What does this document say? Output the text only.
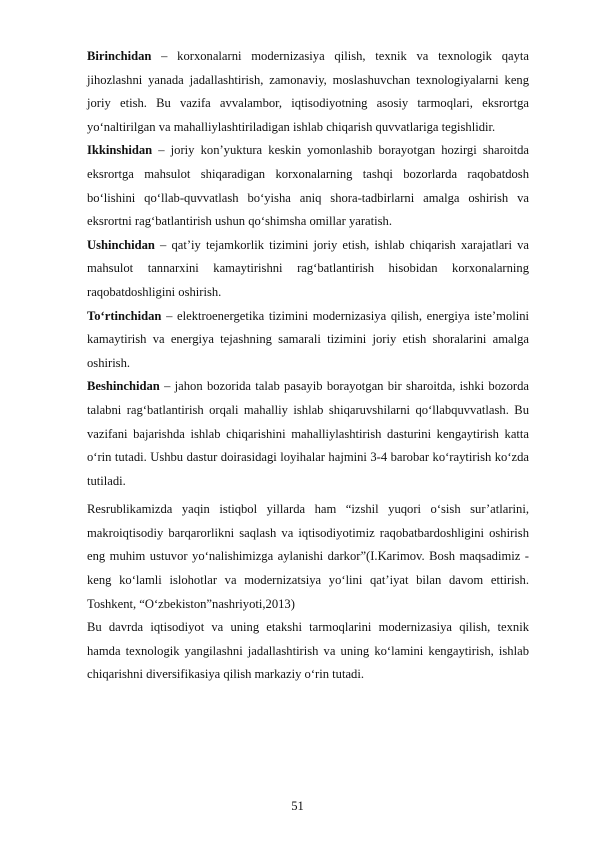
Birinchidan – korxonalarni modernizasiya qilish, texnik va texnologik qayta jihozlashni yanada jadallashtirish, zamonaviy, moslashuvchan texnologiyalarni keng joriy etish. Bu vazifa avvalambor, iqtisodiyotning asosiy tarmoqlari, eksrortga yo‘naltirilgan va mahalliylashtiriladigan ishlab chiqarish quvvatlariga tegishlidir.

Ikkinshidan – joriy kon’yuktura keskin yomonlashib borayotgan hozirgi sharoitda eksrortga mahsulot shiqaradigan korxonalarning tashqi bozorlarda raqobatdosh bo‘lishini qo‘llab-quvvatlash bo‘yisha aniq shora-tadbirlarni amalga oshirish va eksrortni rag‘batlantirish ushun qo‘shimsha omillar yaratish.

Ushinchidan – qat’iy tejamkorlik tizimini joriy etish, ishlab chiqarish xarajatlari va mahsulot tannarxini kamaytirishni rag‘batlantirish hisobidan korxonalarning raqobatdoshligini oshirish.

To‘rtinchidan – elektroenergetika tizimini modernizasiya qilish, energiya iste’molini kamaytirish va energiya tejashning samarali tizimini joriy etish shoralarini amalga oshirish.

Beshinchidan – jahon bozorida talab pasayib borayotgan bir sharoitda, ishki bozorda talabni rag‘batlantirish orqali mahalliy ishlab shiqaruvshilarni qo‘llabquvvatlash. Bu vazifani bajarishda ishlab chiqarishini mahalliylashtirish dasturini kengaytirish katta o‘rin tutadi. Ushbu dastur doirasidagi loyihalar hajmini 3-4 barobar ko‘raytirish ko‘zda tutiladi.

Resrublikamizda yaqin istiqbol yillarda ham “izshil yuqori o‘sish sur’atlarini, makroiqtisodiy barqarorlikni saqlash va iqtisodiyotimiz raqobatbardoshligini oshirish eng muhim ustuvor yo‘nalishimizga aylanishi darkor”(I.Karimov. Bosh maqsadimiz - keng ko‘lamli islohotlar va modernizatsiya yo‘lini qat’iyat bilan davom ettirish. Toshkent, “O‘zbekiston”nashriyoti,2013)

Bu davrda iqtisodiyot va uning etakshi tarmoqlarini modernizasiya qilish, texnik hamda texnologik yangilashni jadallashtirish va uning ko‘lamini kengaytirish, ishlab chiqarishni diversifikasiya qilish markaziy o‘rin tutadi.

51
